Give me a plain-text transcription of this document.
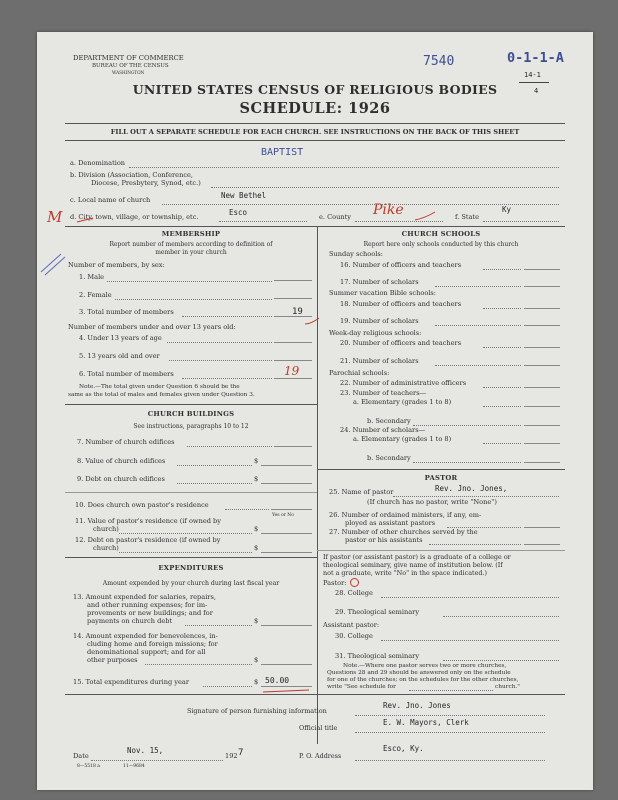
DEPARTMENT OF COMMERCE
BUREAU OF THE CENSUS
WASHINGTON
7540	0-1-1-A
14-1
4
UNITED STATES CENSUS OF RELIGIOUS BODIES
SCHEDULE: 1926
FILL OUT A SEPARATE SCHEDULE FOR EACH CHURCH. SEE INSTRUCTIONS ON THE BACK OF THIS SHEET
a. Denomination
BAPTIST
b. Division (Association, Conference,
Diocese, Presbytery, Synod, etc.)
c. Local name of church	New Bethel
M d. City, town, village, or township, etc.	Esco	e. County Pike	f. State
Ky
MEMBERSHIP
Report number of members according to definition of
member in your church
Number of members, by sex:
1. Male
2. Female
3. Total number of members	19
Number of members under and over 13 years old:
4. Under 13 years of age
5. 13 years old and over
6. Total number of members	19
Note.—The total given under Question 6 should be the
same as the total of males and females given under Question 3.
CHURCH BUILDINGS
See instructions, paragraphs 10 to 12
7. Number of church edifices
8. Value of church edifices	$
9. Debt on church edifices	$
10. Does church own pastor's residence
Yes or No
11. Value of pastor's residence (if owned by
church)	$
12. Debt on pastor's residence (if owned by
church)	$
EXPENDITURES
Amount expended by your church during last fiscal year
13. Amount expended for salaries, repairs,
and other running expenses; for im-
provements or new buildings; and for
payments on church debt	$
14. Amount expended for benevolences, in-
cluding home and foreign missions; for
denominational support; and for all
other purposes	$
15. Total expenditures during year	$ 50.00
CHURCH SCHOOLS
Report here only schools conducted by this church
Sunday schools:
16. Number of officers and teachers
17. Number of scholars
Summer vacation Bible schools:
18. Number of officers and teachers
19. Number of scholars
Week-day religious schools:
20. Number of officers and teachers
21. Number of scholars
Parochial schools:
22. Number of administrative officers
23. Number of teachers—
a. Elementary (grades 1 to 8)
b. Secondary
24. Number of scholars—
a. Elementary (grades 1 to 8)
b. Secondary
PASTOR
25. Name of pastor	Rev. Jno. Jones,
(If church has no pastor, write "None")
26. Number of ordained ministers, if any, em-
ployed as assistant pastors
27. Number of other churches served by the
pastor or his assistants
If pastor (or assistant pastor) is a graduate of a college or
theological seminary, give name of institution below. (If
not a graduate, write "No" in the space indicated.)
Pastor:
28. College
29. Theological seminary
Assistant pastor:
30. College
31. Theological seminary
Note.—Where one pastor serves two or more churches,
Questions 28 and 29 should be answered only on the schedule
for one of the churches; on the schedules for the other churches,
write "See schedule for	church."
Signature of person furnishing information
Rev. Jno. Jones
Official title
E. W. Mayors, Clerk
Date
Nov. 15,
192 7	P. O. Address
Esco, Ky.
8—5518 a	11—9684
